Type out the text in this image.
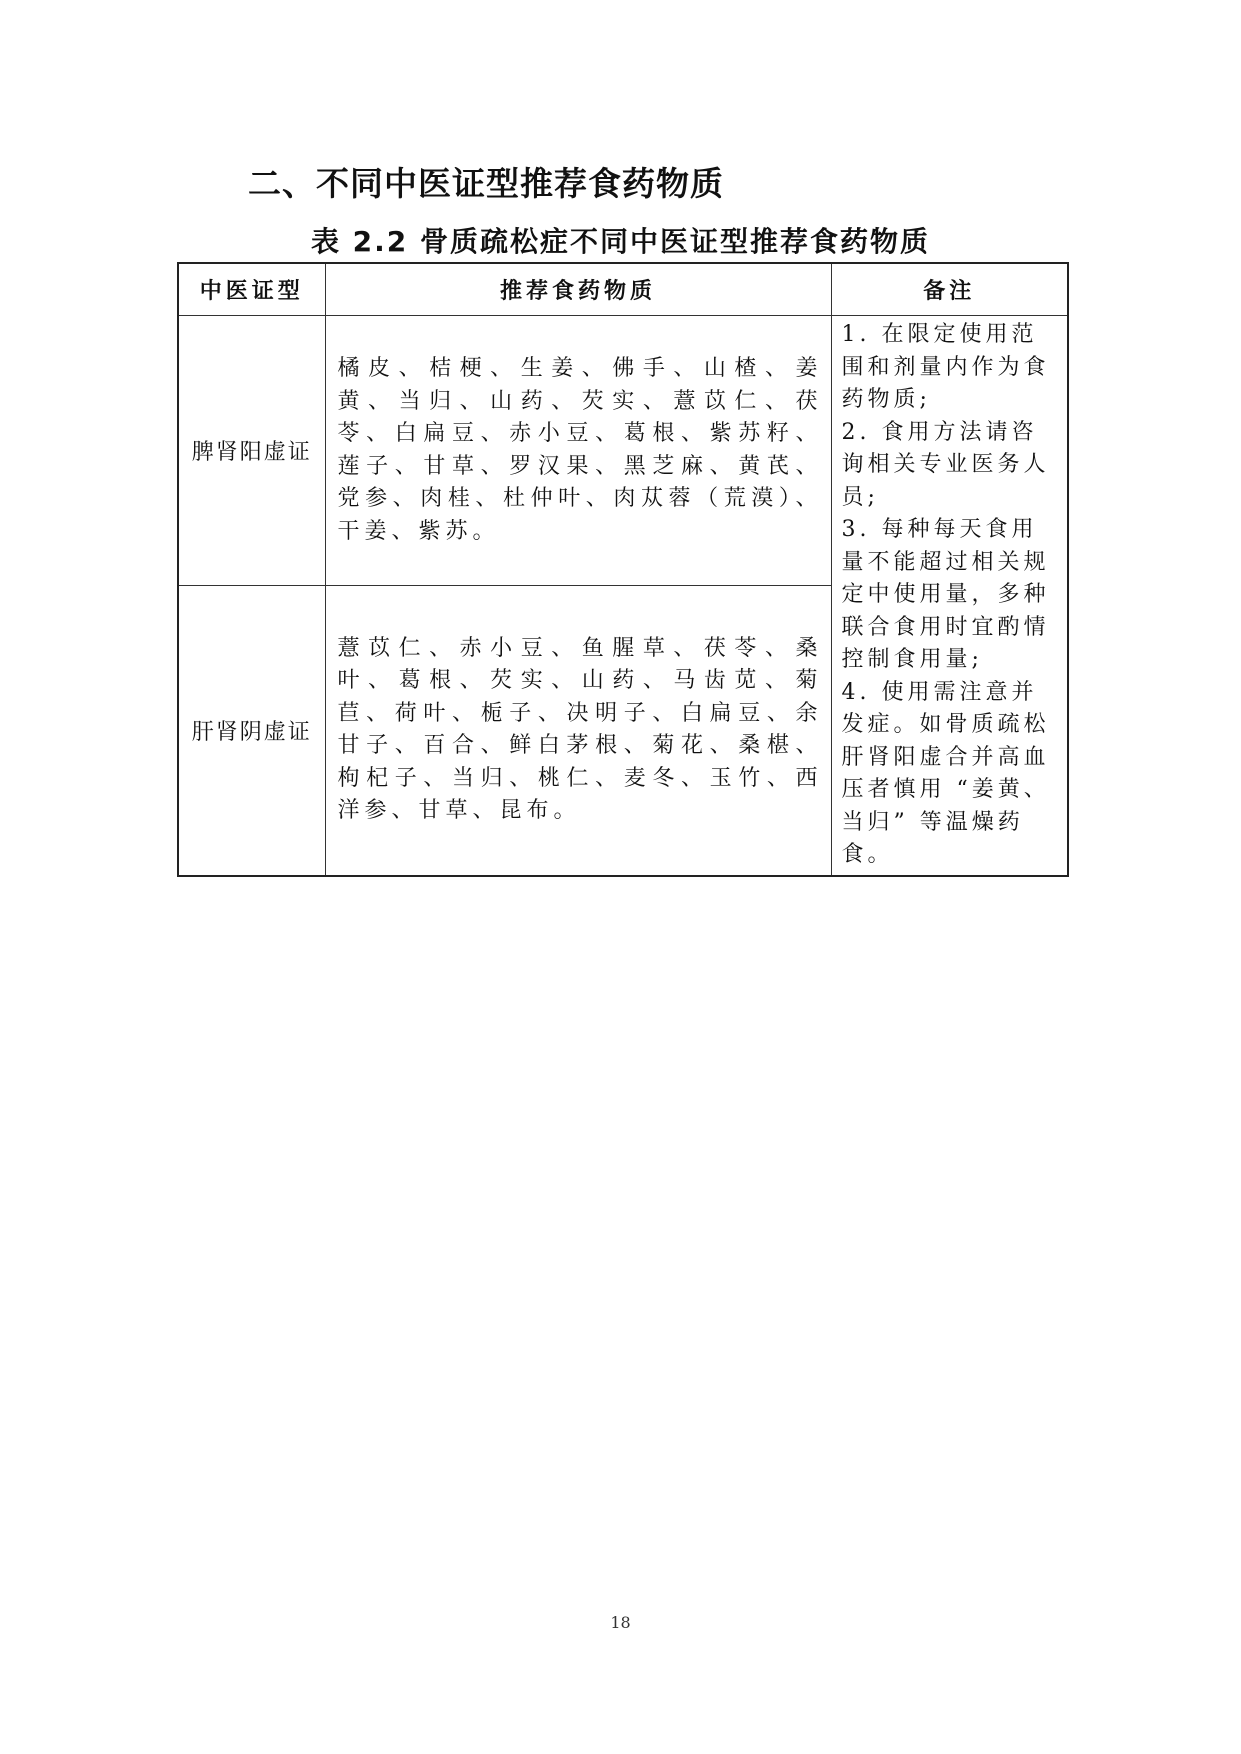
二、不同中医证型推荐食药物质
表 2.2 骨质疏松症不同中医证型推荐食药物质
中医证型	推荐食药物质	备注
脾肾阳虚证	橘皮、桔梗、生姜、佛手、山楂、姜黄、当归、山药、芡实、薏苡仁、茯苓、白扁豆、赤小豆、葛根、紫苏籽、莲子、甘草、罗汉果、黑芝麻、黄芪、党参、肉桂、杜仲叶、肉苁蓉（荒漠）、干姜、紫苏。	1. 在限定使用范围和剂量内作为食药物质;
2. 食用方法请咨询相关专业医务人员;
3. 每种每天食用量不能超过相关规定中使用量，多种联合食用时宜酌情控制食用量;
4. 使用需注意并发症。如骨质疏松肝肾阳虚合并高血压者慎用 “姜黄、当归” 等温燥药食。

肝肾阴虚证	薏苡仁、赤小豆、鱼腥草、茯苓、桑叶、葛根、芡实、山药、马齿苋、菊苣、荷叶、栀子、决明子、白扁豆、余甘子、百合、鲜白茅根、菊花、桑椹、枸杞子、当归、桃仁、麦冬、玉竹、西洋参、甘草、昆布。	
18
